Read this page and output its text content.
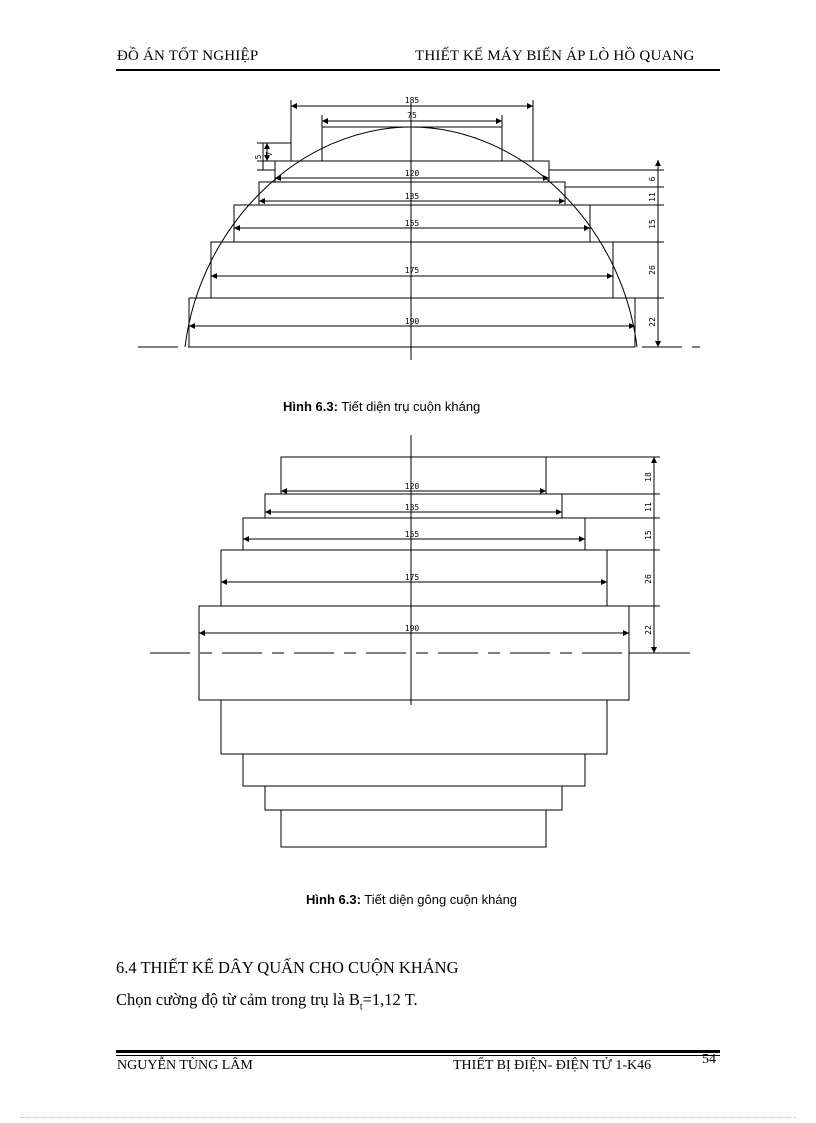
ĐỒ ÁN TỐT NGHIỆP	THIẾT KẾ MÁY BIẾN ÁP LÒ HỒ QUANG
185
75
120
135
155
175
190
6
11
15
26
22
7
5
Hình 6.3: Tiết diện trụ cuộn kháng
120
135
155
175
190
18
11
15
26
22
Hình 6.3: Tiết diện gông cuộn kháng
6.4 THIẾT KẾ DÂY QUẤN CHO CUỘN KHÁNG
Chọn cường độ từ cảm trong trụ là $B_t=1,12$ T.
NGUYỄN TÙNG LÂM	THIẾT BỊ ĐIỆN- ĐIỆN TỬ 1-K46	54
